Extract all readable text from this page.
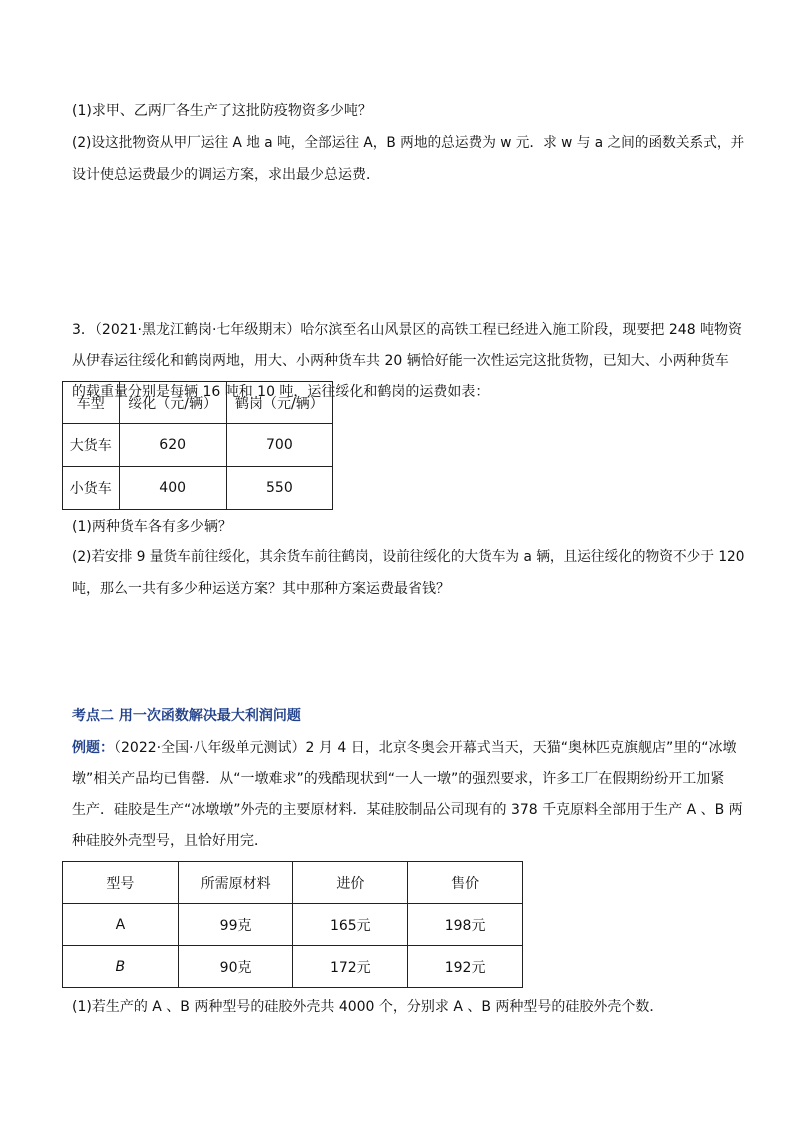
(1)求甲、乙两厂各生产了这批防疫物资多少吨？
(2)设这批物资从甲厂运往 A 地 a 吨，全部运往 A，B 两地的总运费为 w 元．求 w 与 a 之间的函数关系式，并
设计使总运费最少的调运方案，求出最少总运费．
3．（2021·黑龙江鹤岗·七年级期末）哈尔滨至名山风景区的高铁工程已经进入施工阶段，现要把 248 吨物资
从伊春运往绥化和鹤岗两地，用大、小两种货车共 20 辆恰好能一次性运完这批货物，已知大、小两种货车
的载重量分别是每辆 16 吨和 10 吨，运往绥化和鹤岗的运费如表：
车型	绥化（元/辆）	鹤岗（元/辆）
大货车	620	700
小货车	400	550
(1)两种货车各有多少辆？
(2)若安排 9 量货车前往绥化，其余货车前往鹤岗，设前往绥化的大货车为 a 辆，且运往绥化的物资不少于 120
吨，那么一共有多少种运送方案？其中那种方案运费最省钱？
考点二 用一次函数解决最大利润问题
例题：（2022·全国·八年级单元测试）2 月 4 日，北京冬奥会开幕式当天，天猫“奥林匹克旗舰店”里的“冰墩
墩”相关产品均已售罄．从“一墩难求”的残酷现状到“一人一墩”的强烈要求，许多工厂在假期纷纷开工加紧
生产．硅胶是生产“冰墩墩”外壳的主要原材料．某硅胶制品公司现有的 378 千克原料全部用于生产 A 、B 两
种硅胶外壳型号，且恰好用完．
型号	所需原材料	进价	售价
A	99克	165元	198元
B	90克	172元	192元
(1)若生产的 A 、B 两种型号的硅胶外壳共 4000 个，分别求 A 、B 两种型号的硅胶外壳个数．
